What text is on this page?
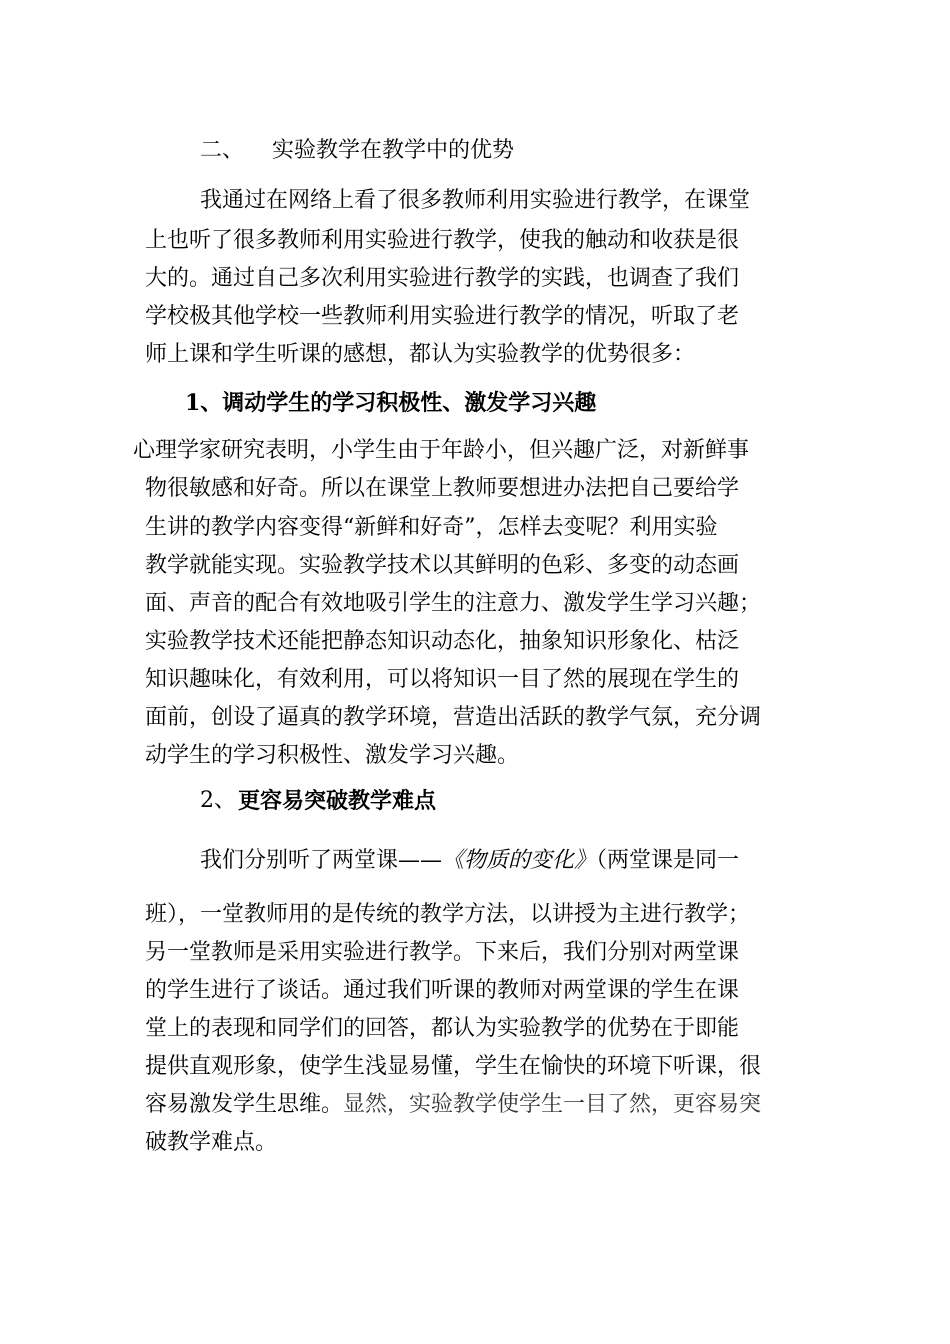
二、 实验教学在教学中的优势
我通过在网络上看了很多教师利用实验进行教学，在课堂
上也听了很多教师利用实验进行教学，使我的触动和收获是很
大的。通过自己多次利用实验进行教学的实践，也调查了我们
学校极其他学校一些教师利用实验进行教学的情况，听取了老
师上课和学生听课的感想，都认为实验教学的优势很多：
1、调动学生的学习积极性、激发学习兴趣
心理学家研究表明，小学生由于年龄小，但兴趣广泛，对新鲜事
物很敏感和好奇。所以在课堂上教师要想进办法把自己要给学
生讲的教学内容变得“新鲜和好奇”，怎样去变呢？利用实验
教学就能实现。实验教学技术以其鲜明的色彩、多变的动态画
面、声音的配合有效地吸引学生的注意力、激发学生学习兴趣；
实验教学技术还能把静态知识动态化，抽象知识形象化、枯泛
知识趣味化，有效利用，可以将知识一目了然的展现在学生的
面前，创设了逼真的教学环境，营造出活跃的教学气氛，充分调
动学生的学习积极性、激发学习兴趣。
2、 更容易突破教学难点
我们分别听了两堂课——《物质的变化》（两堂课是同一
班），一堂教师用的是传统的教学方法，以讲授为主进行教学；
另一堂教师是采用实验进行教学。下来后，我们分别对两堂课
的学生进行了谈话。通过我们听课的教师对两堂课的学生在课
堂上的表现和同学们的回答，都认为实验教学的优势在于即能
提供直观形象，使学生浅显易懂，学生在愉快的环境下听课，很
容易激发学生思维。显然，实验教学使学生一目了然，更容易突
破教学难点。
